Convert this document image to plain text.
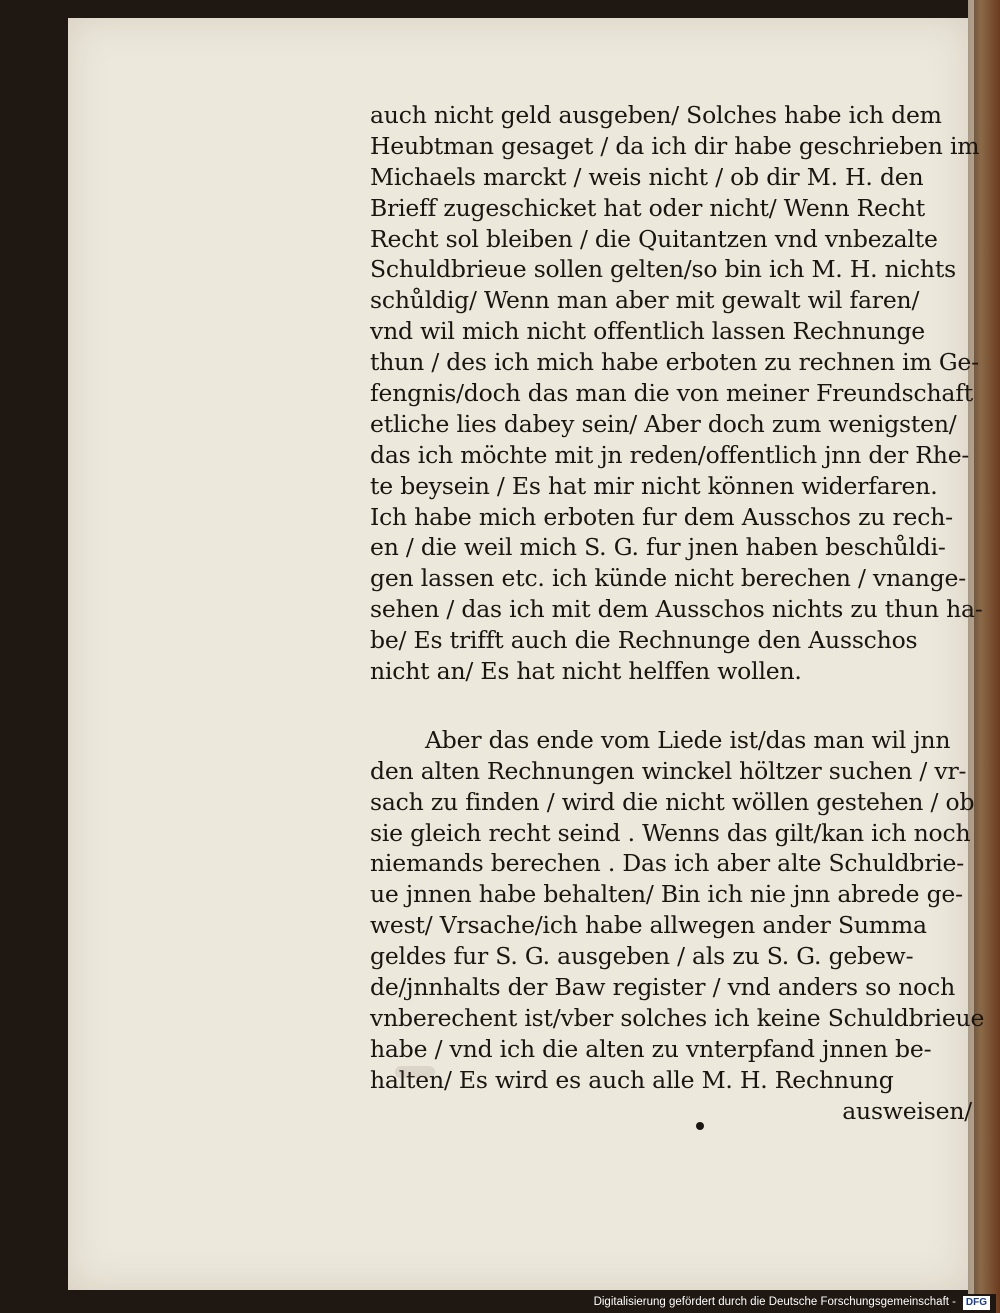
auch nicht geld ausgeben/ Solches habe ich dem
Heubtman gesaget / da ich dir habe geschrieben im
Michaels marckt / weis nicht / ob dir M. H. den
Brieff zugeschicket hat oder nicht/ Wenn Recht
Recht sol bleiben / die Quitantzen vnd vnbezalte
Schuldbrieue sollen gelten/so bin ich M. H. nichts
schůldig/ Wenn man aber mit gewalt wil faren/
vnd wil mich nicht offentlich lassen Rechnunge
thun / des ich mich habe erboten zu rechnen im Ge-
fengnis/doch das man die von meiner Freundschaft
etliche lies dabey sein/ Aber doch zum wenigsten/
das ich möchte mit jn reden/offentlich jnn der Rhe-
te beysein / Es hat mir nicht können widerfaren.
Ich habe mich erboten fur dem Ausschos zu rech-
en / die weil mich S. G. fur jnen haben beschůldi-
gen lassen etc. ich künde nicht berechen / vnange-
sehen / das ich mit dem Ausschos nichts zu thun ha-
be/ Es trifft auch die Rechnunge den Ausschos
nicht an/ Es hat nicht helffen wollen.
Aber das ende vom Liede ist/das man wil jnn
den alten Rechnungen winckel höltzer suchen / vr-
sach zu finden / wird die nicht wöllen gestehen / ob
sie gleich recht seind . Wenns das gilt/kan ich noch
niemands berechen . Das ich aber alte Schuldbrie-
ue jnnen habe behalten/ Bin ich nie jnn abrede ge-
west/ Vrsache/ich habe allwegen ander Summa
geldes fur S. G. ausgeben / als zu S. G. gebew-
de/jnnhalts der Baw register / vnd anders so noch
vnberechent ist/vber solches ich keine Schuldbrieue
habe / vnd ich die alten zu vnterpfand jnnen be-
halten/ Es wird es auch alle M. H. Rechnung
ausweisen/
Digitalisierung gefördert durch die Deutsche Forschungsgemeinschaft - DFG
